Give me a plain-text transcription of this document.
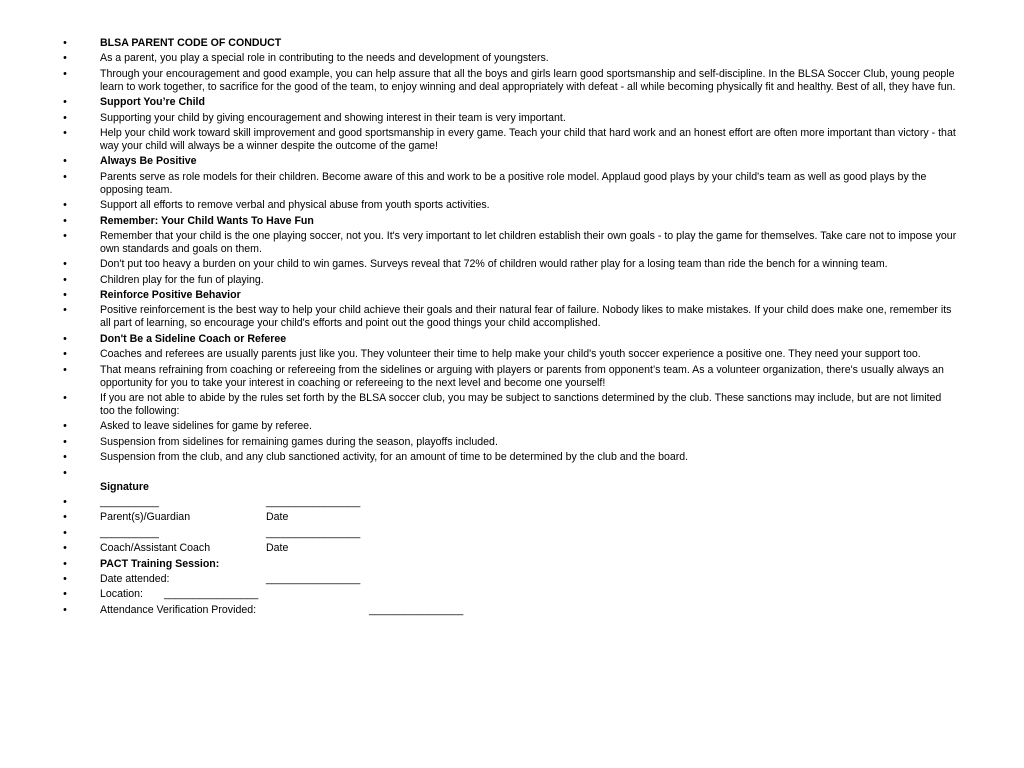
•	BLSA PARENT CODE OF CONDUCT
•	As a parent, you play a special role in contributing to the needs and development of youngsters.
•	Through your encouragement and good example, you can help assure that all the boys and girls learn good sportsmanship and self-discipline. In the BLSA Soccer Club, young people learn to work together, to sacrifice for the good of the team, to enjoy winning and deal appropriately with defeat - all while becoming physically fit and healthy. Best of all, they have fun.
•	Support You’re Child
•	Supporting your child by giving encouragement and showing interest in their team is very important.
•	Help your child work toward skill improvement and good sportsmanship in every game. Teach your child that hard work and an honest effort are often more important than victory - that way your child will always be a winner despite the outcome of the game!
•	Always Be Positive
•	Parents serve as role models for their children. Become aware of this and work to be a positive role model. Applaud good plays by your child's team as well as good plays by the opposing team.
•	Support all efforts to remove verbal and physical abuse from youth sports activities.
•	Remember: Your Child Wants To Have Fun
•	Remember that your child is the one playing soccer, not you. It's very important to let children establish their own goals - to play the game for themselves. Take care not to impose your own standards and goals on them.
•	Don't put too heavy a burden on your child to win games. Surveys reveal that 72% of children would rather play for a losing team than ride the bench for a winning team.
•	Children play for the fun of playing.
•	Reinforce Positive Behavior
•	Positive reinforcement is the best way to help your child achieve their goals and their natural fear of failure. Nobody likes to make mistakes. If your child does make one, remember its all part of learning, so encourage your child's efforts and point out the good things your child accomplished.
•	Don't Be a Sideline Coach or Referee
•	Coaches and referees are usually parents just like you. They volunteer their time to help make your child's youth soccer experience a positive one. They need your support too.
•	That means refraining from coaching or refereeing from the sidelines or arguing with players or parents from opponent’s team. As a volunteer organization, there's usually always an opportunity for you to take your interest in coaching or refereeing to the next level and become one yourself!
•	If you are not able to abide by the rules set forth by the BLSA soccer club, you may be subject to sanctions determined by the club. These sanctions may include, but are not limited too the following:
•	Asked to leave sidelines for game by referee.
•	Suspension from sidelines for remaining games during the season, playoffs included.
•	Suspension from the club, and any club sanctioned activity, for an amount of time to be determined by the club and the board.
•
Signature
•	__________	________________
•	Parent(s)/Guardian	Date
•	__________	________________
•	Coach/Assistant Coach	Date
•	PACT Training Session:
•	Date attended:	________________
•	Location: ________________
•	Attendance Verification Provided:	________________
